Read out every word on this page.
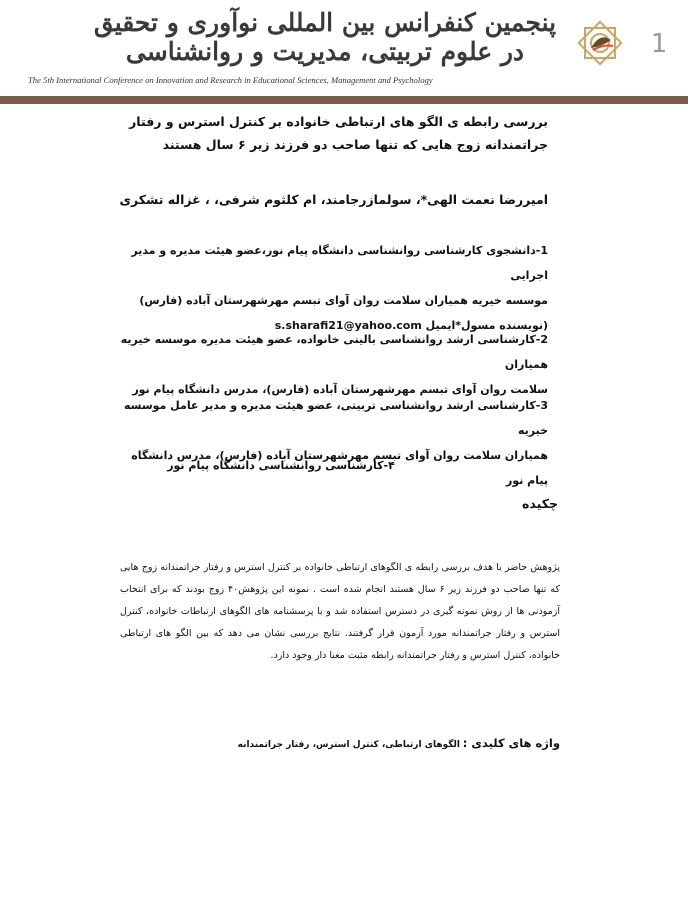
1
پنجمین کنفرانس بین المللی نوآوری و تحقیق
در علوم تربیتی، مدیریت و روانشناسی
The 5th International Conference on Innovation and Research in Educational Sciences, Management and Psychology
بررسی رابطه ی الگو های ارتباطی خانواده بر کنترل استرس و رفتار
جراتمندانه زوج هایی که تنها صاحب دو فرزند زیر ۶ سال هستند
امیررضا نعمت الهی*، سولمازرجامند، ام کلثوم شرفی، ، غزاله تشکری

1-دانشجوی کارشناسی روانشناسی دانشگاه پیام نور،عضو هیئت مدیره و مدیر اجرایی

موسسه خیریه همیاران سلامت روان آوای تبسم مهرشهرستان آباده (فارس)

(نویسنده مسول*ایمیل s.sharafi21@yahoo.com

2-کارشناسی ارشد روانشناسی بالینی خانواده، عضو هیئت مدیره موسسه خیریه همیاران

سلامت روان آوای تبسم مهرشهرستان آباده (فارس)، مدرس دانشگاه پیام نور

3-کارشناسی ارشد روانشناسی تربیتی، عضو هیئت مدیره و مدیر عامل موسسه خیریه

همیاران سلامت روان آوای تبسم مهرشهرستان آباده (فارس)، مدرس دانشگاه پیام نور

۴-کارشناسی روانشناسی دانشگاه پیام نور

چکیده
پژوهش حاضر با هدف بررسی رابطه ی الگوهای ارتباطی خانواده بر کنترل استرس و رفتار جراتمندانه زوج هایی که تنها صاحب دو فرزند زیر ۶ سال هستند انجام شده است . نمونه این پژوهش۴۰ زوج بودند که برای انتخاب آزمودنی ها از روش نمونه گیری در دسترس استفاده شد و با پرسشنامه های الگوهای ارتباطات خانواده، کنترل استرس و رفتار جراتمندانه مورد آزمون قرار گرفتند. نتایج بررسی نشان می دهد که بین الگو های ارتباطی خانواده، کنترل استرس و رفتار جراتمندانه رابطه مثبت معنا دار وجود دارد.
واژه های کلیدی : الگوهای ارتباطی، کنترل استرس، رفتار جراتمندانه
